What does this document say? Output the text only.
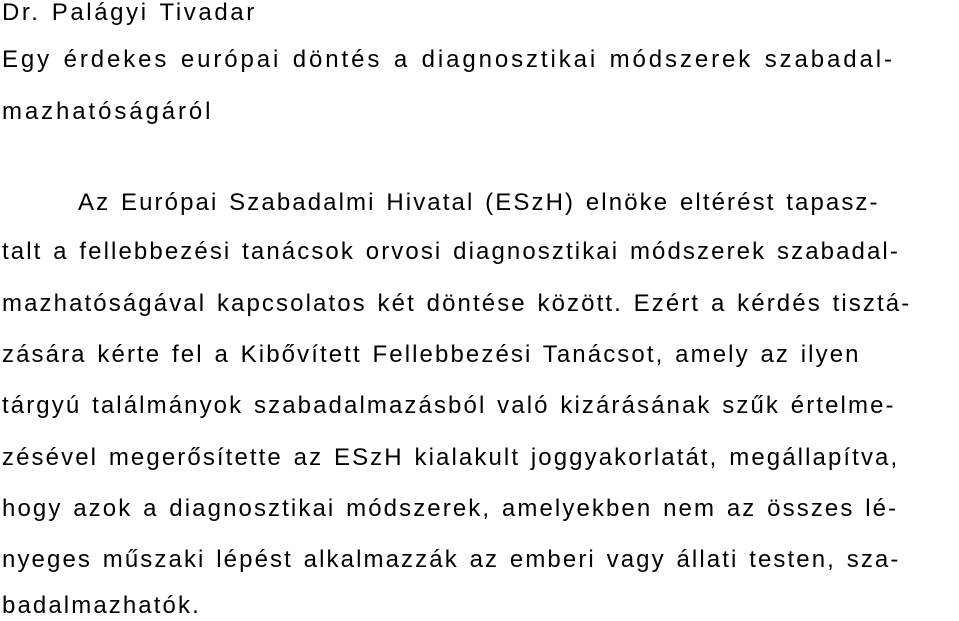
Dr. Palágyi Tivadar
Egy érdekes európai döntés a diagnosztikai módszerek szabadal-
mazhatóságáról
Az Európai Szabadalmi Hivatal (ESzH) elnöke eltérést tapasz-
talt a fellebbezési tanácsok orvosi diagnosztikai módszerek szabadal-
mazhatóságával kapcsolatos két döntése között. Ezért a kérdés tisztá-
zására kérte fel a Kibővített Fellebbezési Tanácsot, amely az ilyen
tárgyú találmányok szabadalmazásból való kizárásának szűk értelme-
zésével megerősítette az ESzH kialakult joggyakorlatát, megállapítva,
hogy azok a diagnosztikai módszerek, amelyekben nem az összes lé-
nyeges műszaki lépést alkalmazzák az emberi vagy állati testen, sza-
badalmazhatók.
